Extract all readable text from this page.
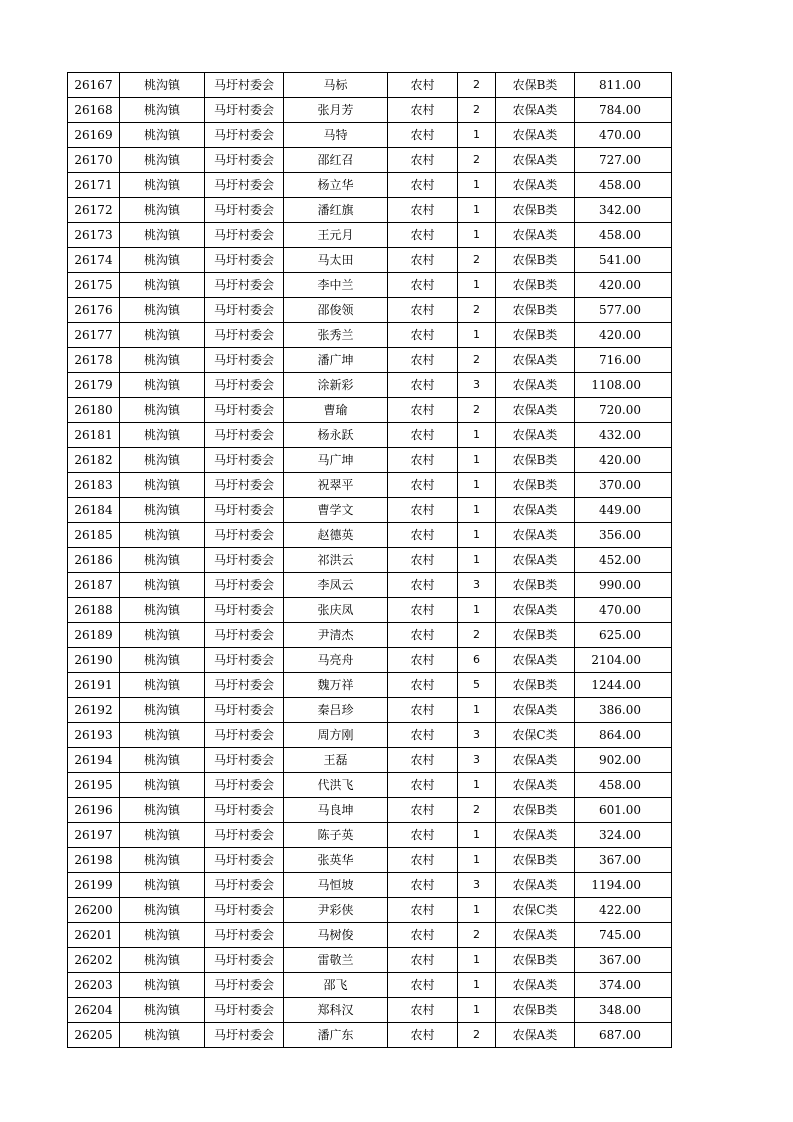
26167	桃沟镇	马圩村委会	马标	农村	2	农保B类	811.00
26168	桃沟镇	马圩村委会	张月芳	农村	2	农保A类	784.00
26169	桃沟镇	马圩村委会	马特	农村	1	农保A类	470.00
26170	桃沟镇	马圩村委会	邵红召	农村	2	农保A类	727.00
26171	桃沟镇	马圩村委会	杨立华	农村	1	农保A类	458.00
26172	桃沟镇	马圩村委会	潘红旗	农村	1	农保B类	342.00
26173	桃沟镇	马圩村委会	王元月	农村	1	农保A类	458.00
26174	桃沟镇	马圩村委会	马太田	农村	2	农保B类	541.00
26175	桃沟镇	马圩村委会	李中兰	农村	1	农保B类	420.00
26176	桃沟镇	马圩村委会	邵俊领	农村	2	农保B类	577.00
26177	桃沟镇	马圩村委会	张秀兰	农村	1	农保B类	420.00
26178	桃沟镇	马圩村委会	潘广坤	农村	2	农保A类	716.00
26179	桃沟镇	马圩村委会	涂新彩	农村	3	农保A类	1108.00
26180	桃沟镇	马圩村委会	曹瑜	农村	2	农保A类	720.00
26181	桃沟镇	马圩村委会	杨永跃	农村	1	农保A类	432.00
26182	桃沟镇	马圩村委会	马广坤	农村	1	农保B类	420.00
26183	桃沟镇	马圩村委会	祝翠平	农村	1	农保B类	370.00
26184	桃沟镇	马圩村委会	曹学文	农村	1	农保A类	449.00
26185	桃沟镇	马圩村委会	赵德英	农村	1	农保A类	356.00
26186	桃沟镇	马圩村委会	祁洪云	农村	1	农保A类	452.00
26187	桃沟镇	马圩村委会	李凤云	农村	3	农保B类	990.00
26188	桃沟镇	马圩村委会	张庆凤	农村	1	农保A类	470.00
26189	桃沟镇	马圩村委会	尹清杰	农村	2	农保B类	625.00
26190	桃沟镇	马圩村委会	马亮舟	农村	6	农保A类	2104.00
26191	桃沟镇	马圩村委会	魏万祥	农村	5	农保B类	1244.00
26192	桃沟镇	马圩村委会	秦吕珍	农村	1	农保A类	386.00
26193	桃沟镇	马圩村委会	周方刚	农村	3	农保C类	864.00
26194	桃沟镇	马圩村委会	王磊	农村	3	农保A类	902.00
26195	桃沟镇	马圩村委会	代洪飞	农村	1	农保A类	458.00
26196	桃沟镇	马圩村委会	马良坤	农村	2	农保B类	601.00
26197	桃沟镇	马圩村委会	陈子英	农村	1	农保A类	324.00
26198	桃沟镇	马圩村委会	张英华	农村	1	农保B类	367.00
26199	桃沟镇	马圩村委会	马恒坡	农村	3	农保A类	1194.00
26200	桃沟镇	马圩村委会	尹彩侠	农村	1	农保C类	422.00
26201	桃沟镇	马圩村委会	马树俊	农村	2	农保A类	745.00
26202	桃沟镇	马圩村委会	雷敬兰	农村	1	农保B类	367.00
26203	桃沟镇	马圩村委会	邵飞	农村	1	农保A类	374.00
26204	桃沟镇	马圩村委会	郑科汉	农村	1	农保B类	348.00
26205	桃沟镇	马圩村委会	潘广东	农村	2	农保A类	687.00
